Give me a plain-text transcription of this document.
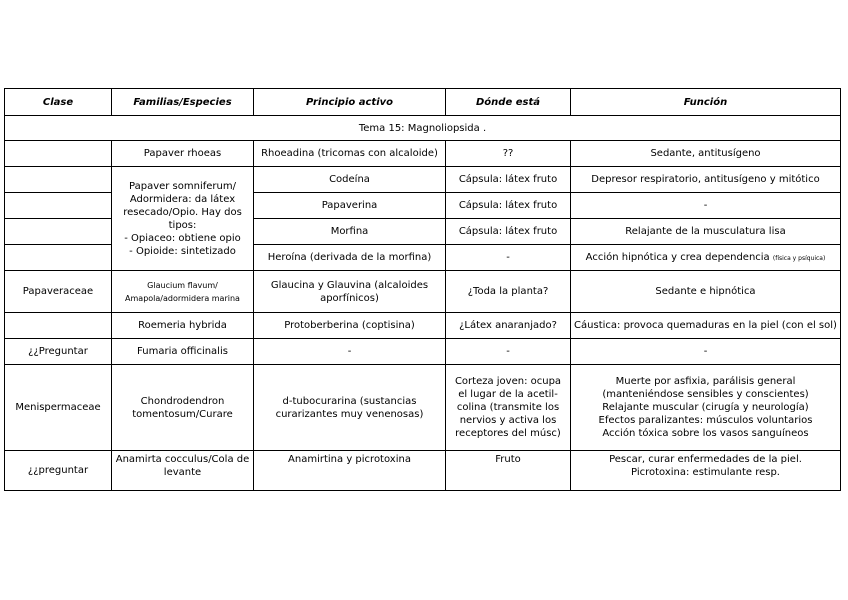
Clase	Familias/Especies	Principio activo	Dónde está	Función
Tema 15: Magnoliopsida .				
	Papaver rhoeas	Rhoeadina (tricomas con alcaloide)	??	Sedante, antitusígeno

	Papaver somniferum/ Adormidera: da látex resecado/Opio. Hay dos tipos:
- Opiaceo: obtiene opio
- Opioide: sintetizado	Codeína	Cápsula: látex fruto	Depresor respiratorio, antitusígeno y mitótico
		Papaverina	Cápsula: látex fruto	-
		Morfina	Cápsula: látex fruto	Relajante de la musculatura lisa
		Heroína (derivada de la morfina)	-	Acción hipnótica y crea dependencia (física y psíquica)
Papaveraceae	Glaucium flavum/ Amapola/adormidera marina	Glaucina y Glauvina (alcaloides aporfínicos)	¿Toda la planta?	Sedante e hipnótica
	Roemeria hybrida	Protoberberina (coptisina)	¿Látex anaranjado?	Cáustica: provoca quemaduras en la piel (con el sol)
¿¿Preguntar	Fumaria officinalis	-	-	-
Menispermaceae	Chondrodendron tomentosum/Curare	d-tubocurarina (sustancias curarizantes muy venenosas)	Corteza joven: ocupa el lugar de la acetil-colina (transmite los nervios y activa los receptores del músc)	Muerte por asfixia, parálisis general (manteniéndose sensibles y conscientes)
Relajante muscular (cirugía y neurología)
Efectos paralizantes: músculos voluntarios
Acción tóxica sobre los vasos sanguíneos

¿¿preguntar	Anamirta cocculus/Cola de levante	Anamirtina y picrotoxina	Fruto	Pescar, curar enfermedades de la piel.
Picrotoxina: estimulante resp.
